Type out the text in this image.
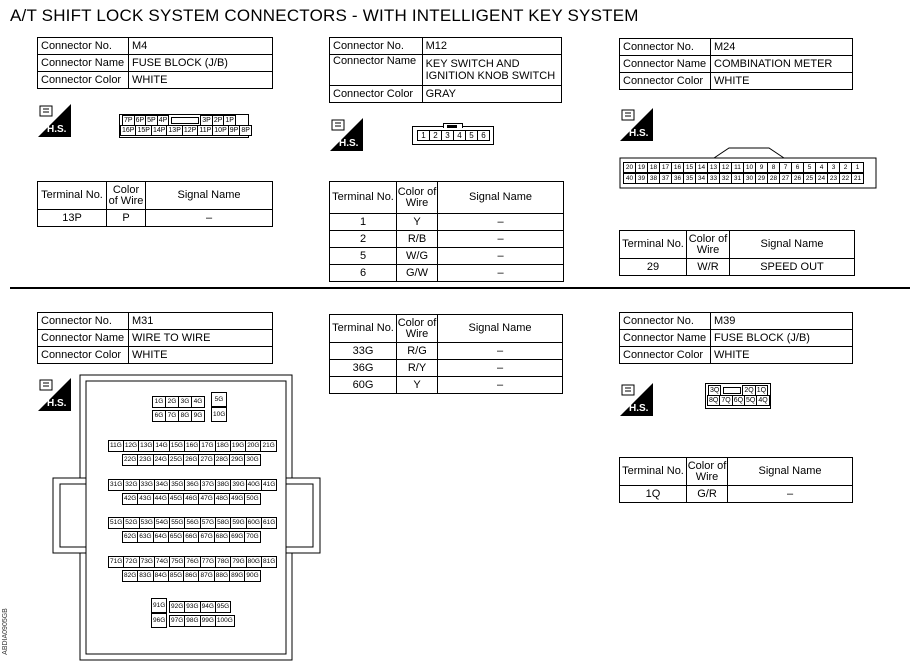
A/T SHIFT LOCK SYSTEM CONNECTORS - WITH INTELLIGENT KEY SYSTEM
Connector No.	M4
Connector Name	FUSE BLOCK (J/B)
Connector Color	WHITE
H.S.
7P 6P 5P 4P	3P 2P 1P
16P 15P 14P 13P 12P 11P 10P 9P 8P
Terminal No.	Color of Wire	Signal Name
13P	P	–
Connector No.	M12
Connector Name	KEY SWITCH AND IGNITION KNOB SWITCH
Connector Color	GRAY
H.S.
1 2 3 4 5 6
Terminal No.	Color of Wire	Signal Name
1	Y	–
2	R/B	–
5	W/G	–
6	G/W	–
Connector No.	M24
Connector Name	COMBINATION METER
Connector Color	WHITE
H.S.
20 19 18 17 16 15 14 13 12 11 10	9	8	7	6	5	4	3	2	1
40 39 38 37 36 35 34 33 32 31 30 29 28 27 26 25 24 23 22 21
Terminal No.	Color of Wire	Signal Name
29	W/R	SPEED OUT
Connector No.	M31
Connector Name	WIRE TO WIRE
Connector Color	WHITE
H.S.	1G 2G 3G 4G
6G 7G 8G 9G
11G 12G 13G 14G 15G 16G 17G 18G 19G 20G 21G
22G 23G 24G 25G 26G 27G 28G 29G 30G
31G 32G 33G 34G 35G 36G 37G 38G 39G 40G 41G
42G 43G 44G 45G 46G 47G 48G 49G 50G
51G 52G 53G 54G 55G 56G 57G 58G 59G 60G 61G
62G 63G 64G 65G 66G 67G 68G 69G 70G
71G 72G 73G 74G 75G 76G 77G 78G 79G 80G 81G
82G 83G 84G 85G 86G 87G 88G 89G 90G
92G 93G 94G 95G
97G 98G 99G 100G
5G
10G
91G
96G
Terminal No.	Color of Wire	Signal Name
33G	R/G	–
36G	R/Y	–
60G	Y	–
Connector No.	M39
Connector Name	FUSE BLOCK (J/B)
Connector Color	WHITE
H.S.
3Q	2Q 1Q
8Q 7Q 6Q 5Q 4Q
Terminal No.	Color of Wire	Signal Name
1Q	G/R	–
ABDIA0905GB
